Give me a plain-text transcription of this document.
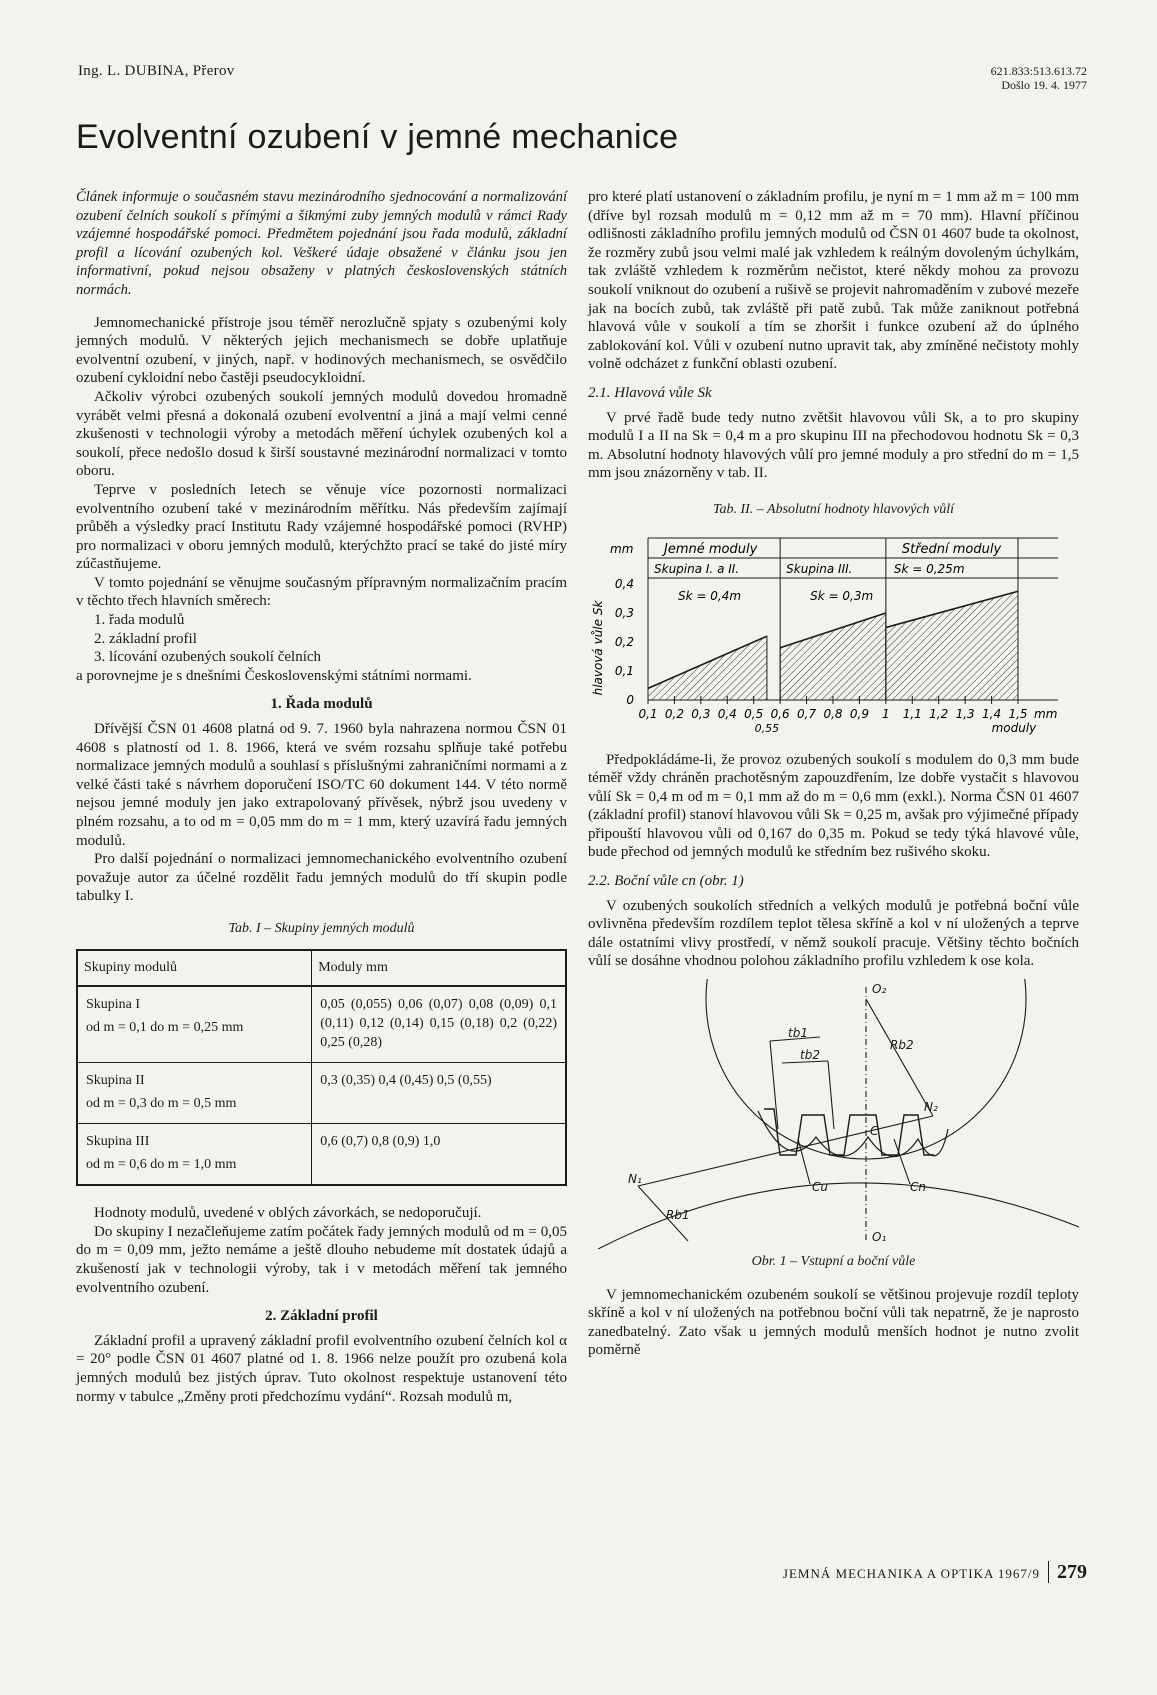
Ing. L. DUBINA, Přerov	621.833:513.613.72
Došlo 19. 4. 1977
Evolventní ozubení v jemné mechanice

Článek informuje o současném stavu mezinárodního sjednocování a normalizování ozubení čelních soukolí s přímými a šikmými zuby jemných modulů v rámci Rady vzájemné hospodářské pomoci. Předmětem pojednání jsou řada modulů, základní profil a lícování ozubených kol. Veškeré údaje obsažené v článku jsou jen informativní, pokud nejsou obsaženy v platných československých státních normách.

Jemnomechanické přístroje jsou téměř nerozlučně spjaty s ozubenými koly jemných modulů. V některých jejich mechanismech se dobře uplatňuje evolventní ozubení, v jiných, např. v hodinových mechanismech, se osvědčilo ozubení cykloidní nebo častěji pseudocykloidní.

Ačkoliv výrobci ozubených soukolí jemných modulů dovedou hromadně vyrábět velmi přesná a dokonalá ozubení evolventní a jiná a mají velmi cenné zkušenosti v technologii výroby a metodách měření úchylek ozubených kol a soukolí, přece nedošlo dosud k širší soustavné mezinárodní normalizaci v tomto oboru.

Teprve v posledních letech se věnuje více pozornosti normalizaci evolventního ozubení také v mezinárodním měřítku. Nás především zajímají průběh a výsledky prací Institutu Rady vzájemné hospodářské pomoci (RVHP) pro normalizaci v oboru jemných modulů, kterýchžto prací se také do jisté míry zúčastňujeme.

V tomto pojednání se věnujme současným přípravným normalizačním pracím v těchto třech hlavních směrech:

1. řada modulů
2. základní profil
3. lícování ozubených soukolí čelních

a porovnejme je s dnešními Československými státními normami.

1. Řada modulů

Dřívější ČSN 01 4608 platná od 9. 7. 1960 byla nahrazena normou ČSN 01 4608 s platností od 1. 8. 1966, která ve svém rozsahu splňuje také potřebu normalizace jemných modulů a souhlasí s příslušnými zahraničními normami a z velké části také s návrhem doporučení ISO/TC 60 dokument 144. V této normě nejsou jemné moduly jen jako extrapolovaný přívěsek, nýbrž jsou uvedeny v plném rozsahu, a to od m = 0,05 mm do m = 1 mm, který uzavírá řadu jemných modulů.

Pro další pojednání o normalizaci jemnomechanického evolventního ozubení považuje autor za účelné rozdělit řadu jemných modulů do tří skupin podle tabulky I.

Tab. I – Skupiny jemných modulů
Skupiny modulů	Moduly mm

Skupina I
od m = 0,1 do m = 0,25 mm	0,05 (0,055) 0,06 (0,07) 0,08 (0,09) 0,1 (0,11) 0,12 (0,14) 0,15 (0,18) 0,2 (0,22) 0,25 (0,28)

Skupina II
od m = 0,3 do m = 0,5 mm	0,3 (0,35) 0,4 (0,45) 0,5 (0,55)

Skupina III
od m = 0,6 do m = 1,0 mm	0,6 (0,7) 0,8 (0,9) 1,0

Hodnoty modulů, uvedené v oblých závorkách, se nedoporučují.

Do skupiny I nezačleňujeme zatím počátek řady jemných modulů od m = 0,05 do m = 0,09 mm, ježto nemáme a ještě dlouho nebudeme mít dostatek údajů a zkušeností jak v technologii výroby, tak i v metodách měření tak jemného evolventního ozubení.

2. Základní profil

Základní profil a upravený základní profil evolventního ozubení čelních kol α = 20° podle ČSN 01 4607 platné od 1. 8. 1966 nelze použít pro ozubená kola jemných modulů bez jistých úprav. Tuto okolnost respektuje ustanovení této normy v tabulce „Změny proti předchozímu vydání“. Rozsah modulů m,

pro které platí ustanovení o základním profilu, je nyní m = 1 mm až m = 100 mm (dříve byl rozsah modulů m = 0,12 mm až m = 70 mm). Hlavní příčinou odlišnosti základního profilu jemných modulů od ČSN 01 4607 bude ta okolnost, že rozměry zubů jsou velmi malé jak vzhledem k reálným dovoleným úchylkám, tak zvláště vzhledem k rozměrům nečistot, které někdy mohou za provozu soukolí vniknout do ozubení a rušivě se projevit nahromaděním v zubové mezeře jak na bocích zubů, tak zvláště při patě zubů. Tak může zaniknout potřebná hlavová vůle v soukolí a tím se zhoršit i funkce ozubení až do úplného zablokování kol. Vůli v ozubení nutno upravit tak, aby zmíněné nečistoty mohly volně odcházet z funkční oblasti ozubení.

2.1. Hlavová vůle Sk

V prvé řadě bude tedy nutno zvětšit hlavovou vůli Sk, a to pro skupiny modulů I a II na Sk = 0,4 m a pro skupinu III na přechodovou hodnotu Sk = 0,3 m. Absolutní hodnoty hlavových vůlí pro jemné moduly a pro střední do m = 1,5 mm jsou znázorněny v tab. II.

Tab. II. – Absolutní hodnoty hlavových vůlí
Jemné moduly	Střední moduly
mm
Skupina I. a II.
Sk = 0,4m
Skupina III.
Sk = 0,3m
Sk = 0,25m
0
0,1
0,2
0,3
0,4
hlavová vůle Sk
0,1 0,2 0,3 0,4 0,5 0,6 0,7 0,8 0,9 1 1,1 1,2 1,3 1,4 1,5
0,55
mm
moduly

Předpokládáme-li, že provoz ozubených soukolí s modulem do 0,3 mm bude téměř vždy chráněn prachotěsným zapouzdřením, lze dobře vystačit s hlavovou vůlí Sk = 0,4 m od m = 0,1 mm až do m = 0,6 mm (exkl.). Norma ČSN 01 4607 (základní profil) stanoví hlavovou vůli Sk = 0,25 m, avšak pro výjimečné případy připouští hlavovou vůli od 0,167 do 0,35 m. Pokud se tedy týká hlavové vůle, bude přechod od jemných modulů ke středním bez rušivého skoku.

2.2. Boční vůle cn (obr. 1)

V ozubených soukolích středních a velkých modulů je potřebná boční vůle ovlivněna především rozdílem teplot tělesa skříně a kol v ní uložených a teprve dále ostatními vlivy prostředí, v němž soukolí pracuje. Většiny těchto bočních vůlí se dosáhne vhodnou polohou základního profilu vzhledem k ose kola.

O₂
O₁
tb1
tb2
Rb2
Rb1
C
N₁
N₂
Cu	Cn
Obr. 1 – Vstupní a boční vůle

V jemnomechanickém ozubeném soukolí se většinou projevuje rozdíl teploty skříně a kol v ní uložených na potřebnou boční vůli tak nepatrně, že je naprosto zanedbatelný. Zato však u jemných modulů menších hodnot je nutno zvolit poměrně

JEMNÁ MECHANIKA A OPTIKA 1967/9 279
